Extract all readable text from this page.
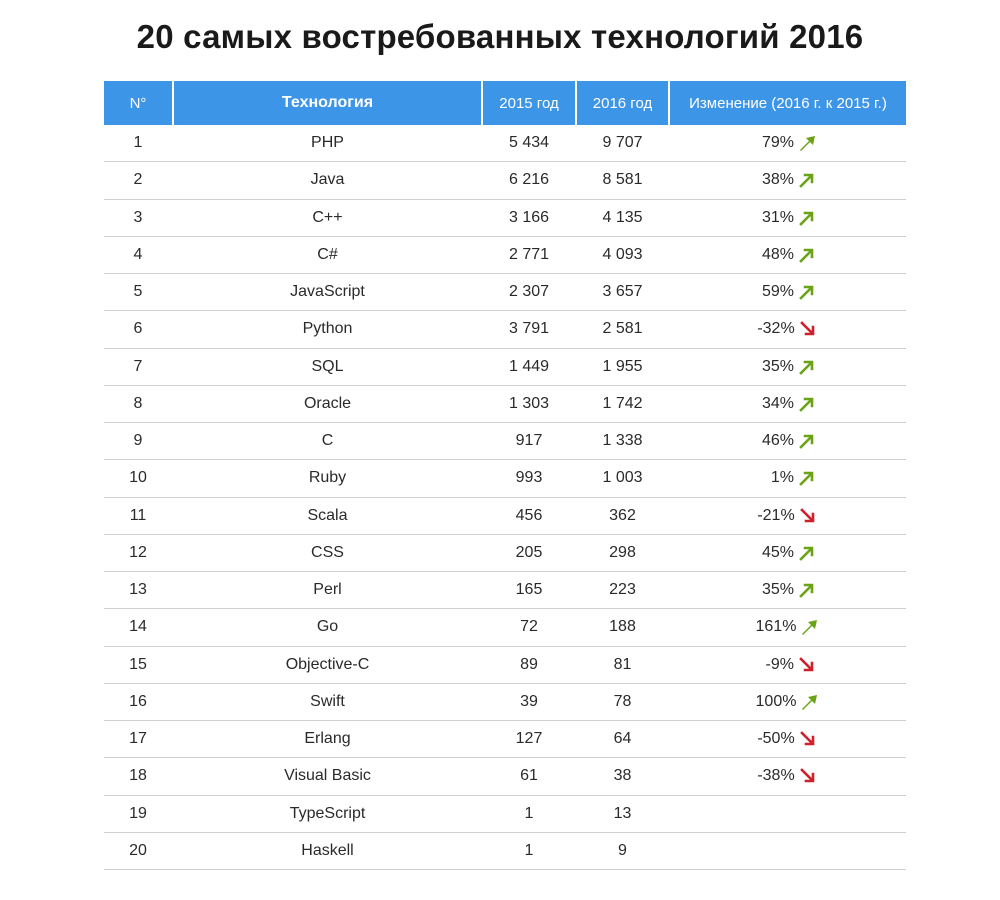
20 самых востребованных технологий 2016
N°	Технология	2015 год	2016 год	Изменение (2016 г. к 2015 г.)
1	PHP	5 434	9 707	79%
2	Java	6 216	8 581	38%
3	C++	3 166	4 135	31%
4	C#	2 771	4 093	48%
5	JavaScript	2 307	3 657	59%
6	Python	3 791	2 581	-32%
7	SQL	1 449	1 955	35%
8	Oracle	1 303	1 742	34%
9	C	917	1 338	46%
10	Ruby	993	1 003	1%
11	Scala	456	362	-21%
12	CSS	205	298	45%
13	Perl	165	223	35%
14	Go	72	188	161%
15	Objective-C	89	81	-9%
16	Swift	39	78	100%
17	Erlang	127	64	-50%
18	Visual Basic	61	38	-38%
19	TypeScript	1	13
20	Haskell	1	9
